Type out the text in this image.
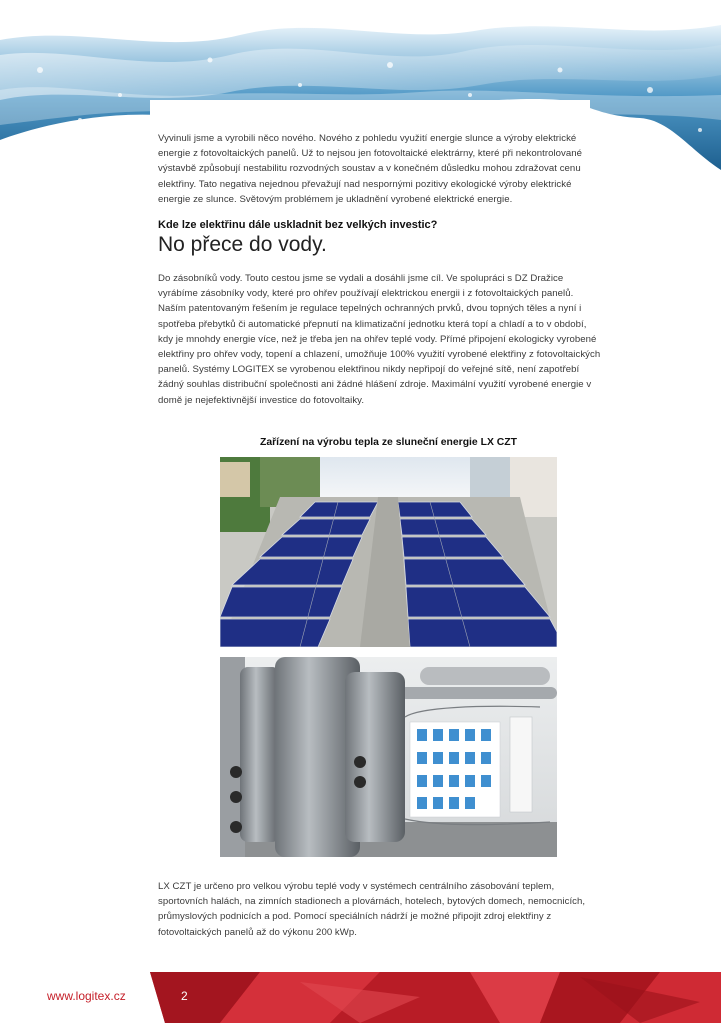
Vyvinuli jsme a vyrobili něco nového. Nového z pohledu využití energie slunce a výroby elektrické
energie z fotovoltaických panelů. Už to nejsou jen fotovoltaické elektrárny, které při nekontrolované
výstavbě způsobují nestabilitu rozvodných soustav a v konečném důsledku mohou zdražovat cenu
elektřiny. Tato negativa nejednou převažují nad nespornými pozitivy ekologické výroby elektrické
energie ze slunce. Světovým problémem je ukladnění vyrobené elektrické energie.

Kde lze elektřinu dále uskladnit bez velkých investic?

No přece do vody.
Do zásobníků vody. Touto cestou jsme se vydali a dosáhli jsme cíl. Ve spolupráci s DZ Dražice
vyrábíme zásobníky vody, které pro ohřev používají elektrickou energii i z fotovoltaických panelů.
Naším patentovaným řešením je regulace tepelných ochranných prvků, dvou topných těles a nyní i
spotřeba přebytků či automatické přepnutí na klimatizační jednotku která topí a chladí a to v období,
kdy je mnohdy energie více, než je třeba jen na ohřev teplé vody. Přímé připojení ekologicky vyrobené
elektřiny pro ohřev vody, topení a chlazení, umožňuje 100% využití vyrobené elektřiny z fotovoltaických
panelů. Systémy LOGITEX se vyrobenou elektřinou nikdy nepřipojí do veřejné sítě, není zapotřebí
žádný souhlas distribuční společnosti ani žádné hlášení zdroje. Maximální využití vyrobené energie v
domě je nejefektivnější investice do fotovoltaiky.

Zařízení na výrobu tepla ze sluneční energie LX CZT

LX CZT je určeno pro velkou výrobu teplé vody v systémech centrálního zásobování teplem,
sportovních halách, na zimních stadionech a plovárnách, hotelech, bytových domech, nemocnicích,
průmyslových podnicích a pod. Pomocí speciálních nádrží je možné připojit zdroj elektřiny z
fotovoltaických panelů až do výkonu 200 kWp.

www.logitex.cz	2
